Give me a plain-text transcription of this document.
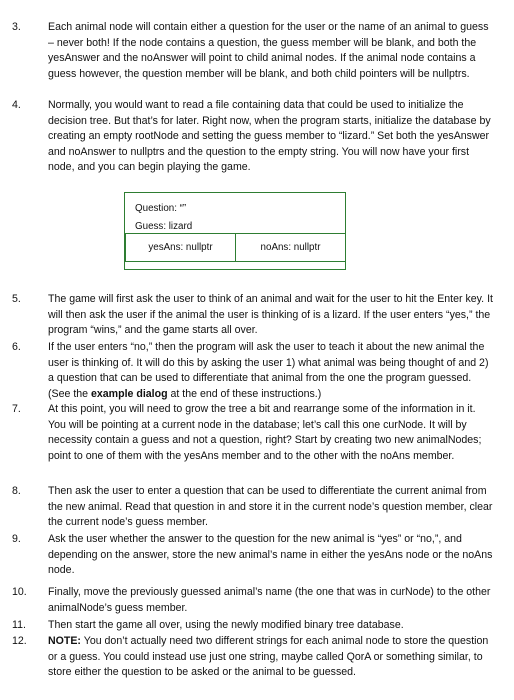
3.	Each animal node will contain either a question for the user or the name of an animal to guess – never both! If the node contains a question, the guess member will be blank, and both the yesAnswer and the noAnswer will point to child animal nodes. If the animal node contains a guess however, the question member will be blank, and both child pointers will be nullptrs.
4.	Normally, you would want to read a file containing data that could be used to initialize the decision tree. But that’s for later. Right now, when the program starts, initialize the database by creating an empty rootNode and setting the guess member to “lizard.” Set both the yesAnswer and noAnswer to nullptrs and the question to the empty string. You will now have your first node, and you can begin playing the game.
Question: “”
Guess: lizard
yesAns: nullptr	noAns: nullptr
5.	The game will first ask the user to think of an animal and wait for the user to hit the Enter key. It will then ask the user if the animal the user is thinking of is a lizard. If the user enters “yes,” the program “wins,” and the game starts all over.
6.	If the user enters “no,” then the program will ask the user to teach it about the new animal the user is thinking of. It will do this by asking the user 1) what animal was being thought of and 2) a question that can be used to differentiate that animal from the one the program guessed. (See the example dialog at the end of these instructions.)
7.	At this point, you will need to grow the tree a bit and rearrange some of the information in it. You will be pointing at a current node in the database; let’s call this one curNode. It will by necessity contain a guess and not a question, right? Start by creating two new animalNodes; point to one of them with the yesAns member and to the other with the noAns member.
8.	Then ask the user to enter a question that can be used to differentiate the current animal from the new animal. Read that question in and store it in the current node’s question member, clear the current node’s guess member.
9.	Ask the user whether the answer to the question for the new animal is “yes” or “no,”, and depending on the answer, store the new animal’s name in either the yesAns node or the noAns node.
10.	Finally, move the previously guessed animal’s name (the one that was in curNode) to the other animalNode’s guess member.
11.	Then start the game all over, using the newly modified binary tree database.
12.	NOTE: You don’t actually need two different strings for each animal node to store the question or a guess. You could instead use just one string, maybe called QorA or something similar, to store either the question to be asked or the animal to be guessed.
